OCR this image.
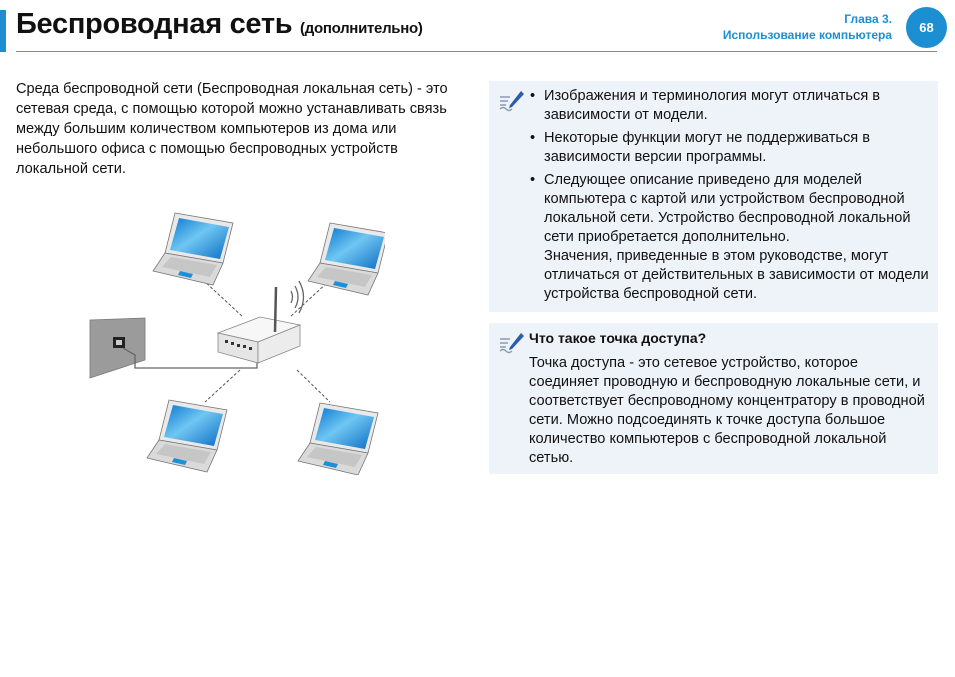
Беспроводная сеть (дополнительно)
Глава 3.
Использование компьютера	68

Среда беспроводной сети (Беспроводная локальная сеть) - это сетевая среда, с помощью которой можно устанавливать связь между большим количеством компьютеров из дома или небольшого офиса с помощью беспроводных устройств локальной сети.

• Изображения и терминология могут отличаться в зависимости от модели.
• Некоторые функции могут не поддерживаться в зависимости версии программы.
• Следующее описание приведено для моделей компьютера с картой или устройством беспроводной локальной сети. Устройство беспроводной локальной сети приобретается дополнительно.
Значения, приведенные в этом руководстве, могут отличаться от действительных в зависимости от модели устройства беспроводной сети.

Что такое точка доступа?

Точка доступа - это сетевое устройство, которое соединяет проводную и беспроводную локальные сети, и соответствует беспроводному концентратору в проводной сети. Можно подсоединять к точке доступа большое количество компьютеров с беспроводной локальной сетью.
